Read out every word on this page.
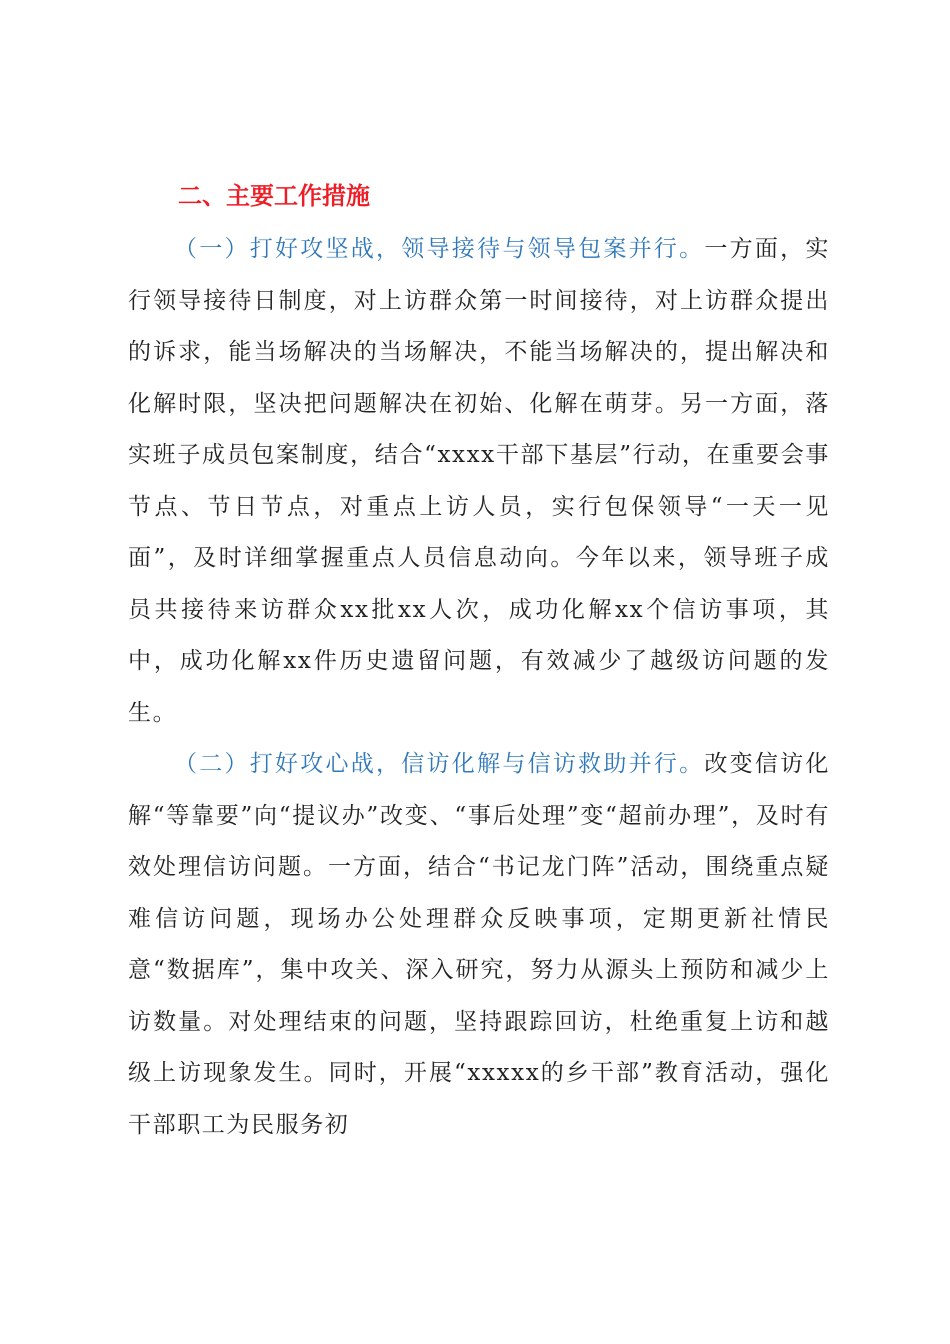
二、主要工作措施

（一）打好攻坚战，领导接待与领导包案并行。一方面，实行领导接待日制度，对上访群众第一时间接待，对上访群众提出的诉求，能当场解决的当场解决，不能当场解决的，提出解决和化解时限，坚决把问题解决在初始、化解在萌芽。另一方面，落实班子成员包案制度，结合“xxxx干部下基层”行动，在重要会事节点、节日节点，对重点上访人员，实行包保领导“一天一见面”，及时详细掌握重点人员信息动向。今年以来，领导班子成员共接待来访群众xx批xx人次，成功化解xx个信访事项，其中，成功化解xx件历史遗留问题，有效减少了越级访问题的发生。

（二）打好攻心战，信访化解与信访救助并行。改变信访化解“等靠要”向“提议办”改变、“事后处理”变“超前办理”，及时有效处理信访问题。一方面，结合“书记龙门阵”活动，围绕重点疑难信访问题，现场办公处理群众反映事项，定期更新社情民意“数据库”，集中攻关、深入研究，努力从源头上预防和减少上访数量。对处理结束的问题，坚持跟踪回访，杜绝重复上访和越级上访现象发生。同时，开展“xxxxx的乡干部”教育活动，强化干部职工为民服务初
